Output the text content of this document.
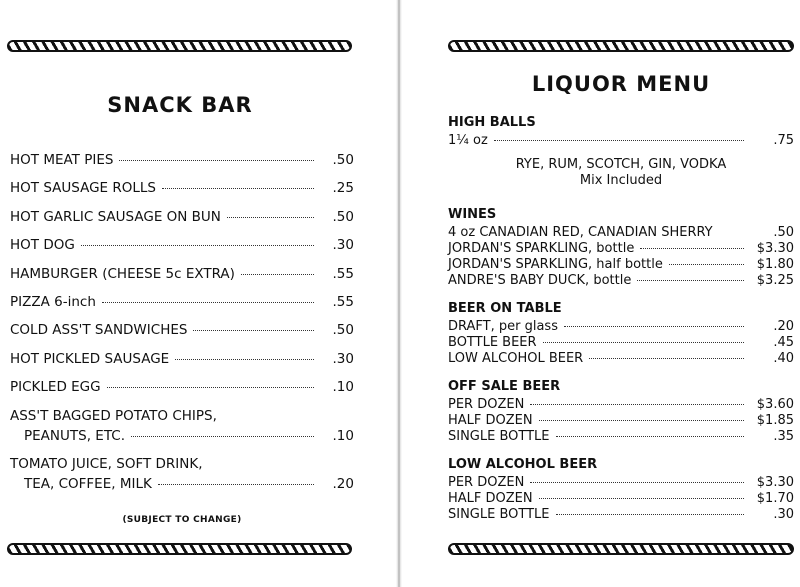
SNACK BAR
HOT MEAT PIES	.50
HOT SAUSAGE ROLLS	.25
HOT GARLIC SAUSAGE ON BUN	.50
HOT DOG	.30
HAMBURGER (CHEESE 5c EXTRA)	.55
PIZZA 6-inch	.55
COLD ASS'T SANDWICHES	.50
HOT PICKLED SAUSAGE	.30
PICKLED EGG	.10
ASS'T BAGGED POTATO CHIPS,
PEANUTS, ETC.	.10
TOMATO JUICE, SOFT DRINK,
TEA, COFFEE, MILK	.20
(SUBJECT TO CHANGE)
LIQUOR MENU
HIGH BALLS
1¼ oz	.75
RYE, RUM, SCOTCH, GIN, VODKA
Mix Included
WINES
4 oz CANADIAN RED, CANADIAN SHERRY	.50
JORDAN'S SPARKLING, bottle	$3.30
JORDAN'S SPARKLING, half bottle	$1.80
ANDRE'S BABY DUCK, bottle	$3.25
BEER ON TABLE
DRAFT, per glass	.20
BOTTLE BEER	.45
LOW ALCOHOL BEER	.40
OFF SALE BEER
PER DOZEN	$3.60
HALF DOZEN	$1.85
SINGLE BOTTLE	.35
LOW ALCOHOL BEER
PER DOZEN	$3.30
HALF DOZEN	$1.70
SINGLE BOTTLE	.30
